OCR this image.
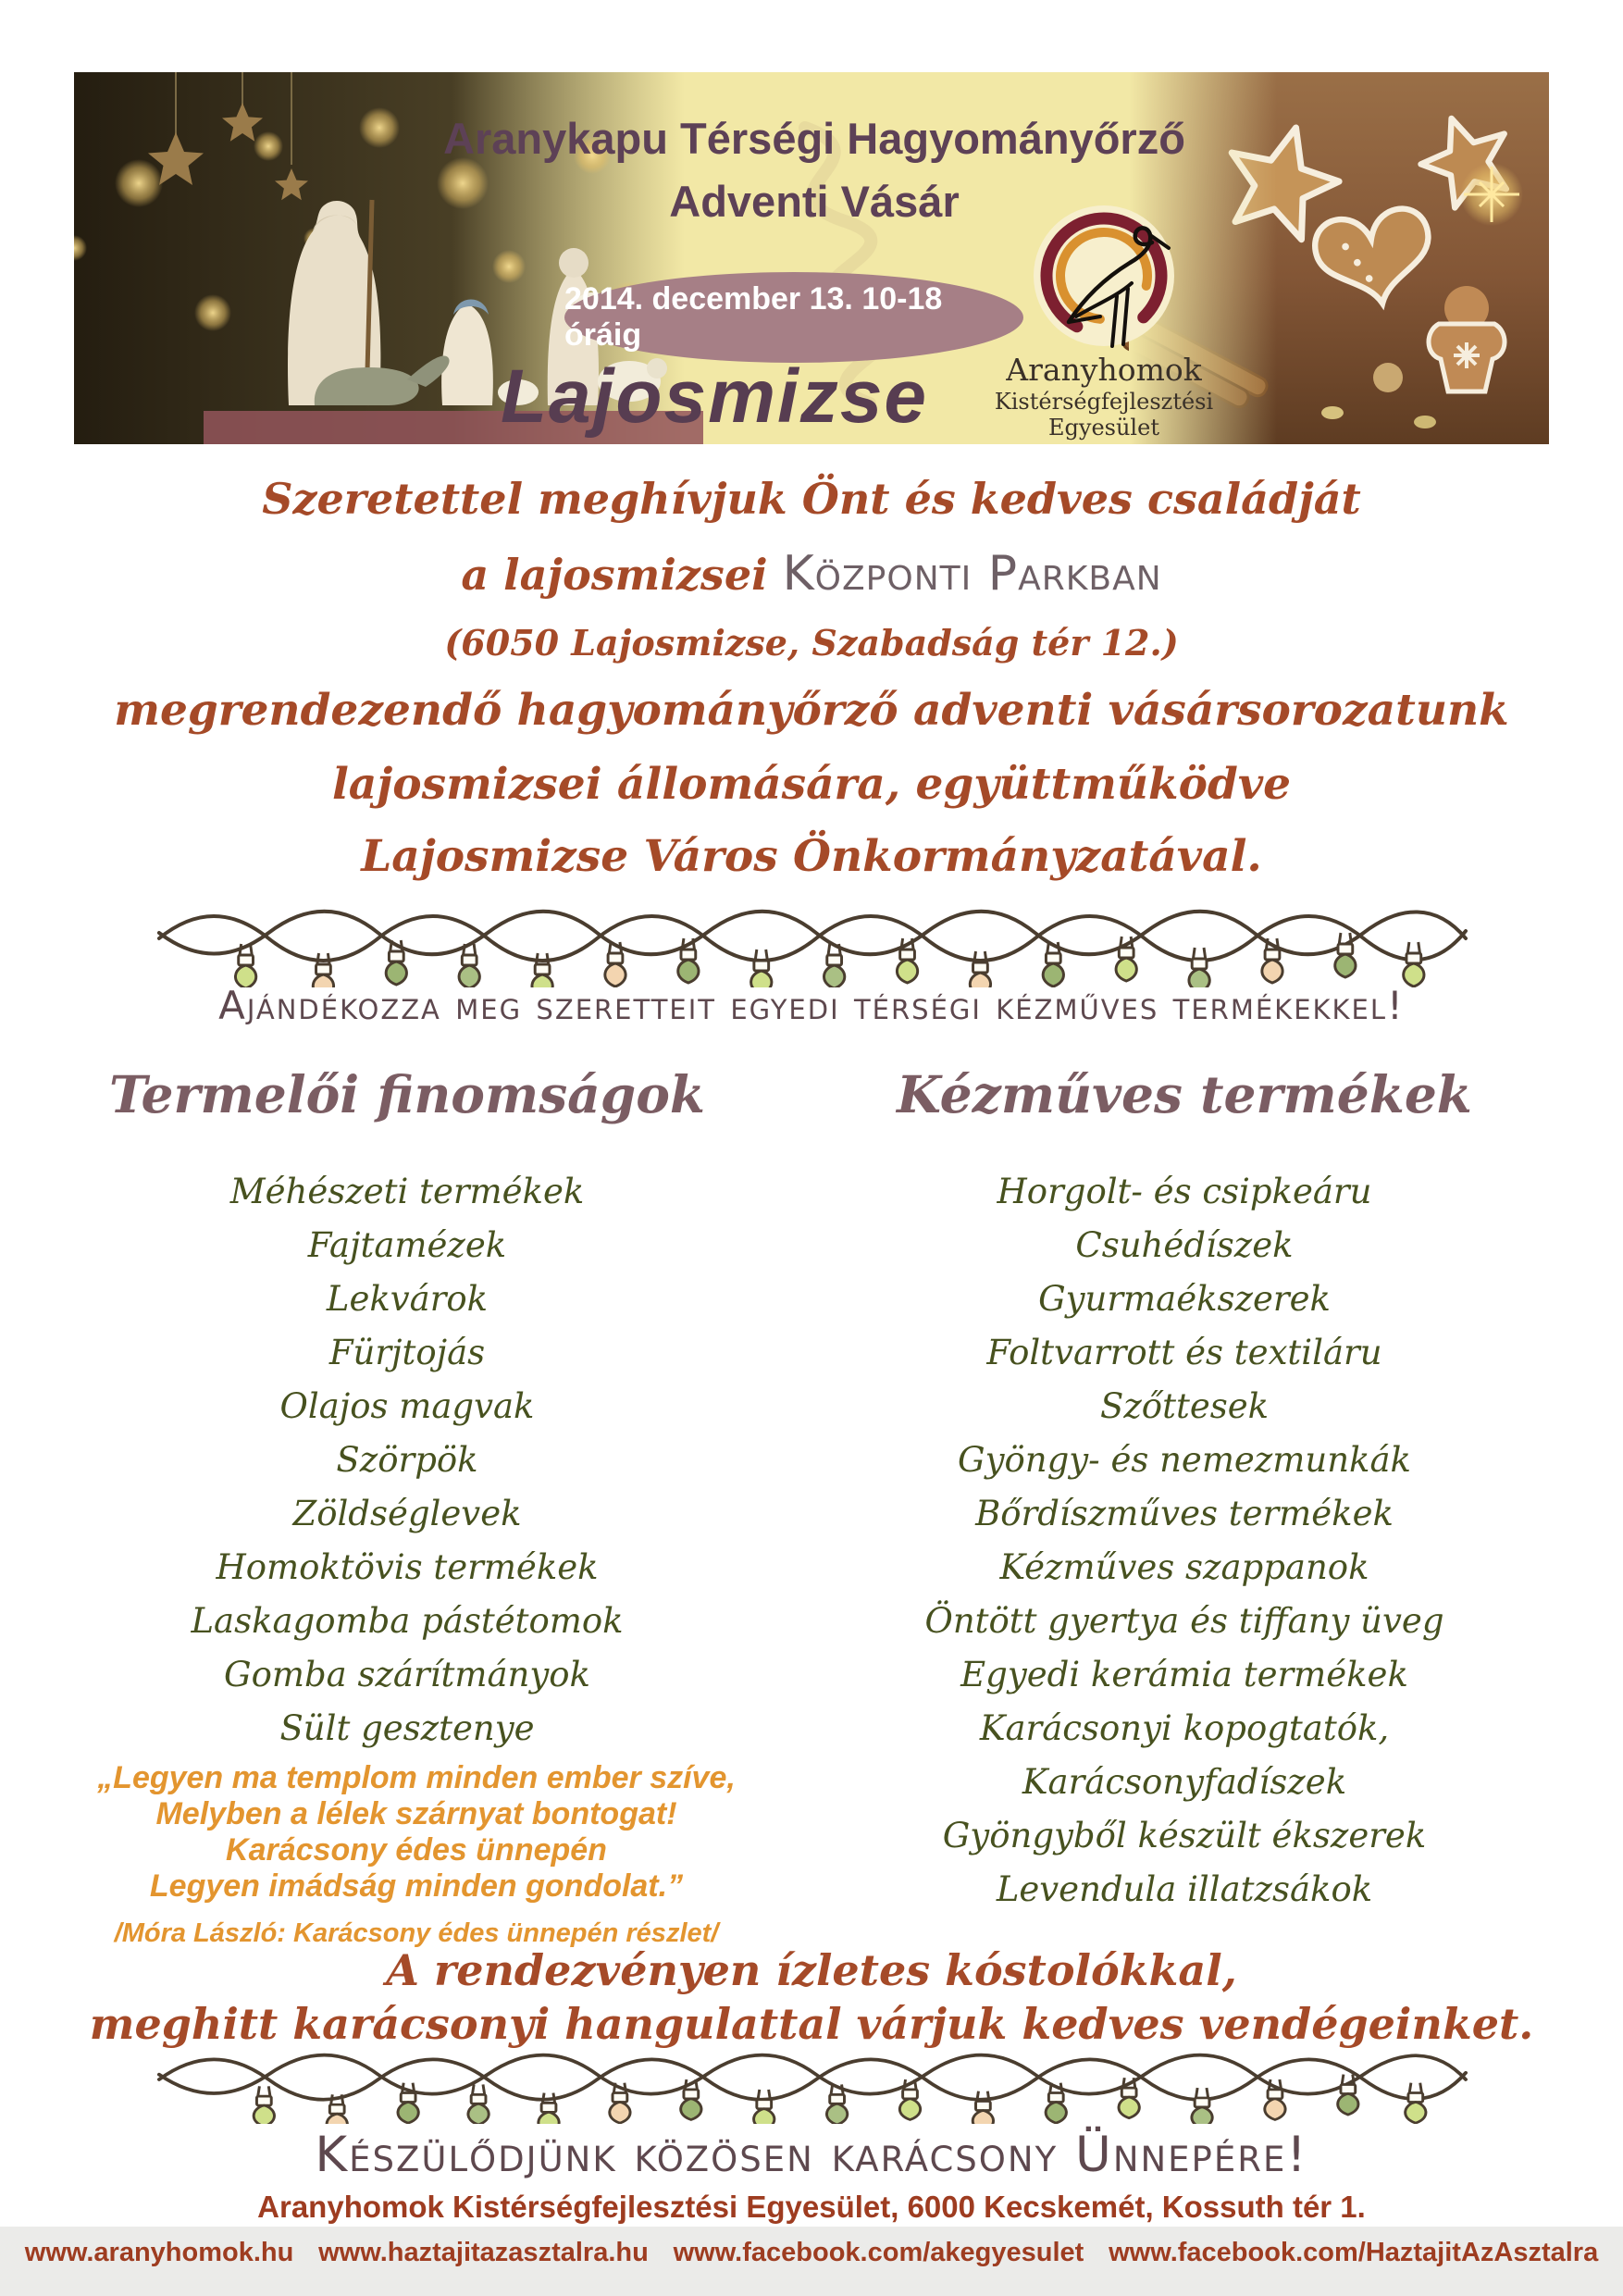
Aranykapu Térségi Hagyományőrző
Adventi Vásár
2014. december 13. 10-18 óráig
Lajosmizse	Aranyhomok
Kistérségfejlesztési
Egyesület
Szeretettel meghívjuk Önt és kedves családját
a lajosmizsei Központi Parkban
(6050 Lajosmizse, Szabadság tér 12.)
megrendezendő hagyományőrző adventi vásársorozatunk
lajosmizsei állomására, együttműködve
Lajosmizse Város Önkormányzatával.
Ajándékozza meg szeretteit egyedi térségi kézműves termékekkel!
Termelői finomságok
Méhészeti termékek
Fajtamézek
Lekvárok
Fürjtojás
Olajos magvak
Szörpök
Zöldséglevek
Homoktövis termékek
Laskagomba pástétomok
Gomba szárítmányok
Sült gesztenye
Kézműves termékek
Horgolt- és csipkeáru
Csuhédíszek
Gyurmaékszerek
Foltvarrott és textiláru
Szőttesek
Gyöngy- és nemezmunkák
Bőrdíszműves termékek
Kézműves szappanok
Öntött gyertya és tiffany üveg
Egyedi kerámia termékek
Karácsonyi kopogtatók,
Karácsonyfadíszek
Gyöngyből készült ékszerek
Levendula illatzsákok
„Legyen ma templom minden ember szíve,
Melyben a lélek szárnyat bontogat!
Karácsony édes ünnepén
Legyen imádság minden gondolat.”
/Móra László: Karácsony édes ünnepén részlet/
A rendezvényen ízletes kóstolókkal,
meghitt karácsonyi hangulattal várjuk kedves vendégeinket.
Készülődjünk közösen karácsony Ünnepére!
Aranyhomok Kistérségfejlesztési Egyesület, 6000 Kecskemét, Kossuth tér 1.
www.aranyhomok.hu www.haztajitazasztalra.hu www.facebook.com/akegyesulet www.facebook.com/HaztajitAzAsztalra
